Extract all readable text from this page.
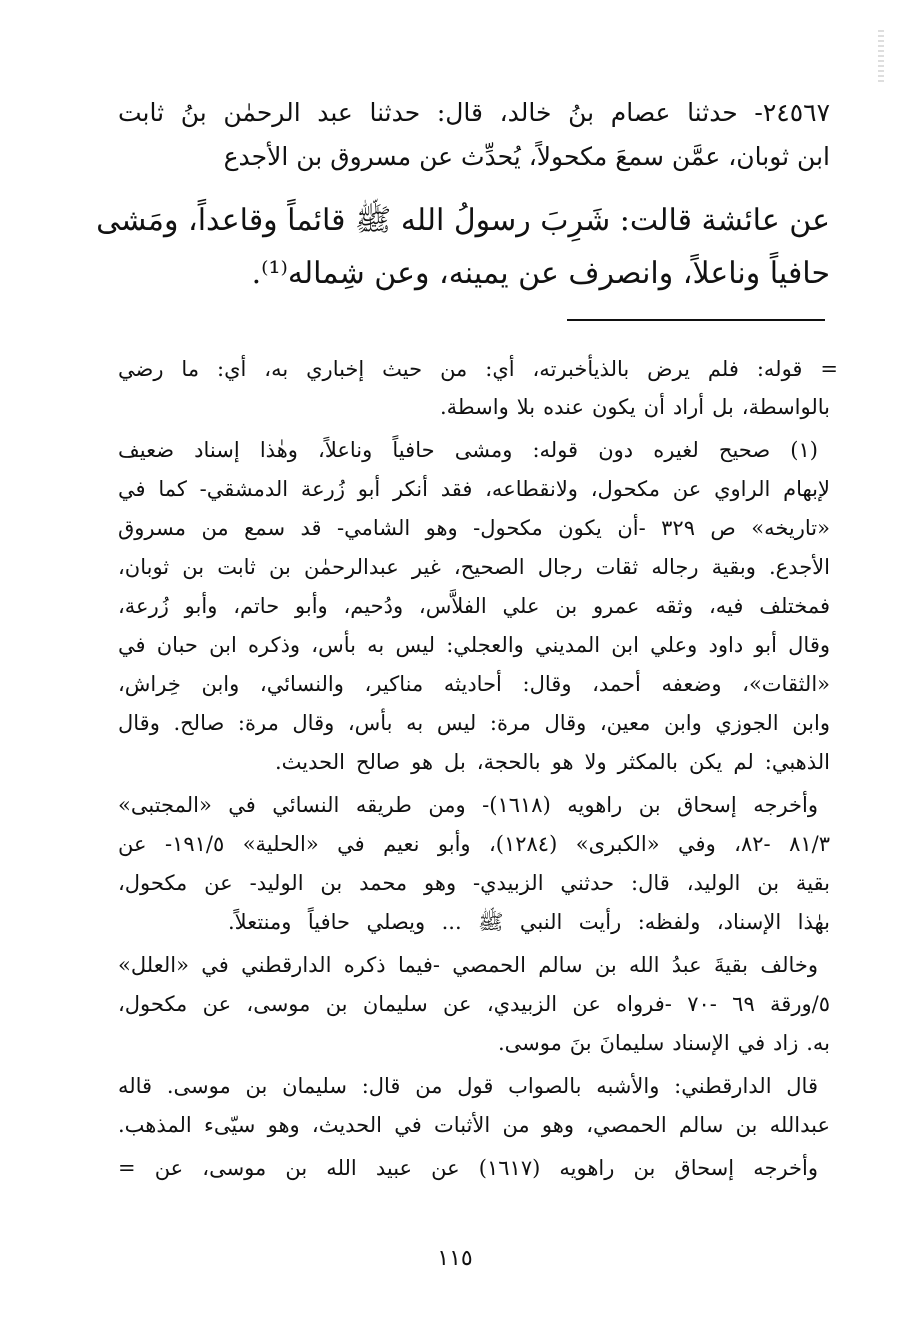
٢٤٥٦٧- حدثنا عصام بنُ خالد، قال: حدثنا عبد الرحمٰن بنُ ثابت
ابن ثوبان، عمَّن سمعَ مكحولاً، يُحدِّث عن مسروق بن الأجدع
عن عائشة قالت: شَرِبَ رسولُ الله ﷺ قائماً وقاعداً، ومَشى
حافياً وناعلاً، وانصرف عن يمينه، وعن شِماله⁽¹⁾.
= قوله: فلم يرض بالذيأخبرته، أي: من حيث إخباري به، أي: ما رضي
بالواسطة، بل أراد أن يكون عنده بلا واسطة.
(١) صحيح لغيره دون قوله: ومشى حافياً وناعلاً، وهٰذا إسناد ضعيف
لإبهام الراوي عن مكحول، ولانقطاعه، فقد أنكر أبو زُرعة الدمشقي- كما في
«تاريخه» ص ٣٢٩ -أن يكون مكحول- وهو الشامي- قد سمع من مسروق
الأجدع. وبقية رجاله ثقات رجال الصحيح، غير عبدالرحمٰن بن ثابت بن ثوبان،
فمختلف فيه، وثقه عمرو بن علي الفلاَّس، ودُحيم، وأبو حاتم، وأبو زُرعة،
وقال أبو داود وعلي ابن المديني والعجلي: ليس به بأس، وذكره ابن حبان في
«الثقات»، وضعفه أحمد، وقال: أحاديثه مناكير، والنسائي، وابن خِراش،
وابن الجوزي وابن معين، وقال مرة: ليس به بأس، وقال مرة: صالح. وقال
الذهبي: لم يكن بالمكثر ولا هو بالحجة، بل هو صالح الحديث.
وأخرجه إسحاق بن راهويه (١٦١٨)- ومن طريقه النسائي في «المجتبى»
٨١/٣ -٨٢، وفي «الكبرى» (١٢٨٤)، وأبو نعيم في «الحلية» ١٩١/٥- عن
بقية بن الوليد، قال: حدثني الزبيدي- وهو محمد بن الوليد- عن مكحول،
بهٰذا الإسناد، ولفظه: رأيت النبي ﷺ ... ويصلي حافياً ومنتعلاً.
وخالف بقيةَ عبدُ الله بن سالم الحمصي -فيما ذكره الدارقطني في «العلل»
٥/ورقة ٦٩ -٧٠ -فرواه عن الزبيدي، عن سليمان بن موسى، عن مكحول،
به. زاد في الإسناد سليمانَ بنَ موسى.
قال الدارقطني: والأشبه بالصواب قول من قال: سليمان بن موسى. قاله
عبدالله بن سالم الحمصي، وهو من الأثبات في الحديث، وهو سيّىء المذهب.
وأخرجه إسحاق بن راهويه (١٦١٧) عن عبيد الله بن موسى، عن =
١١٥
